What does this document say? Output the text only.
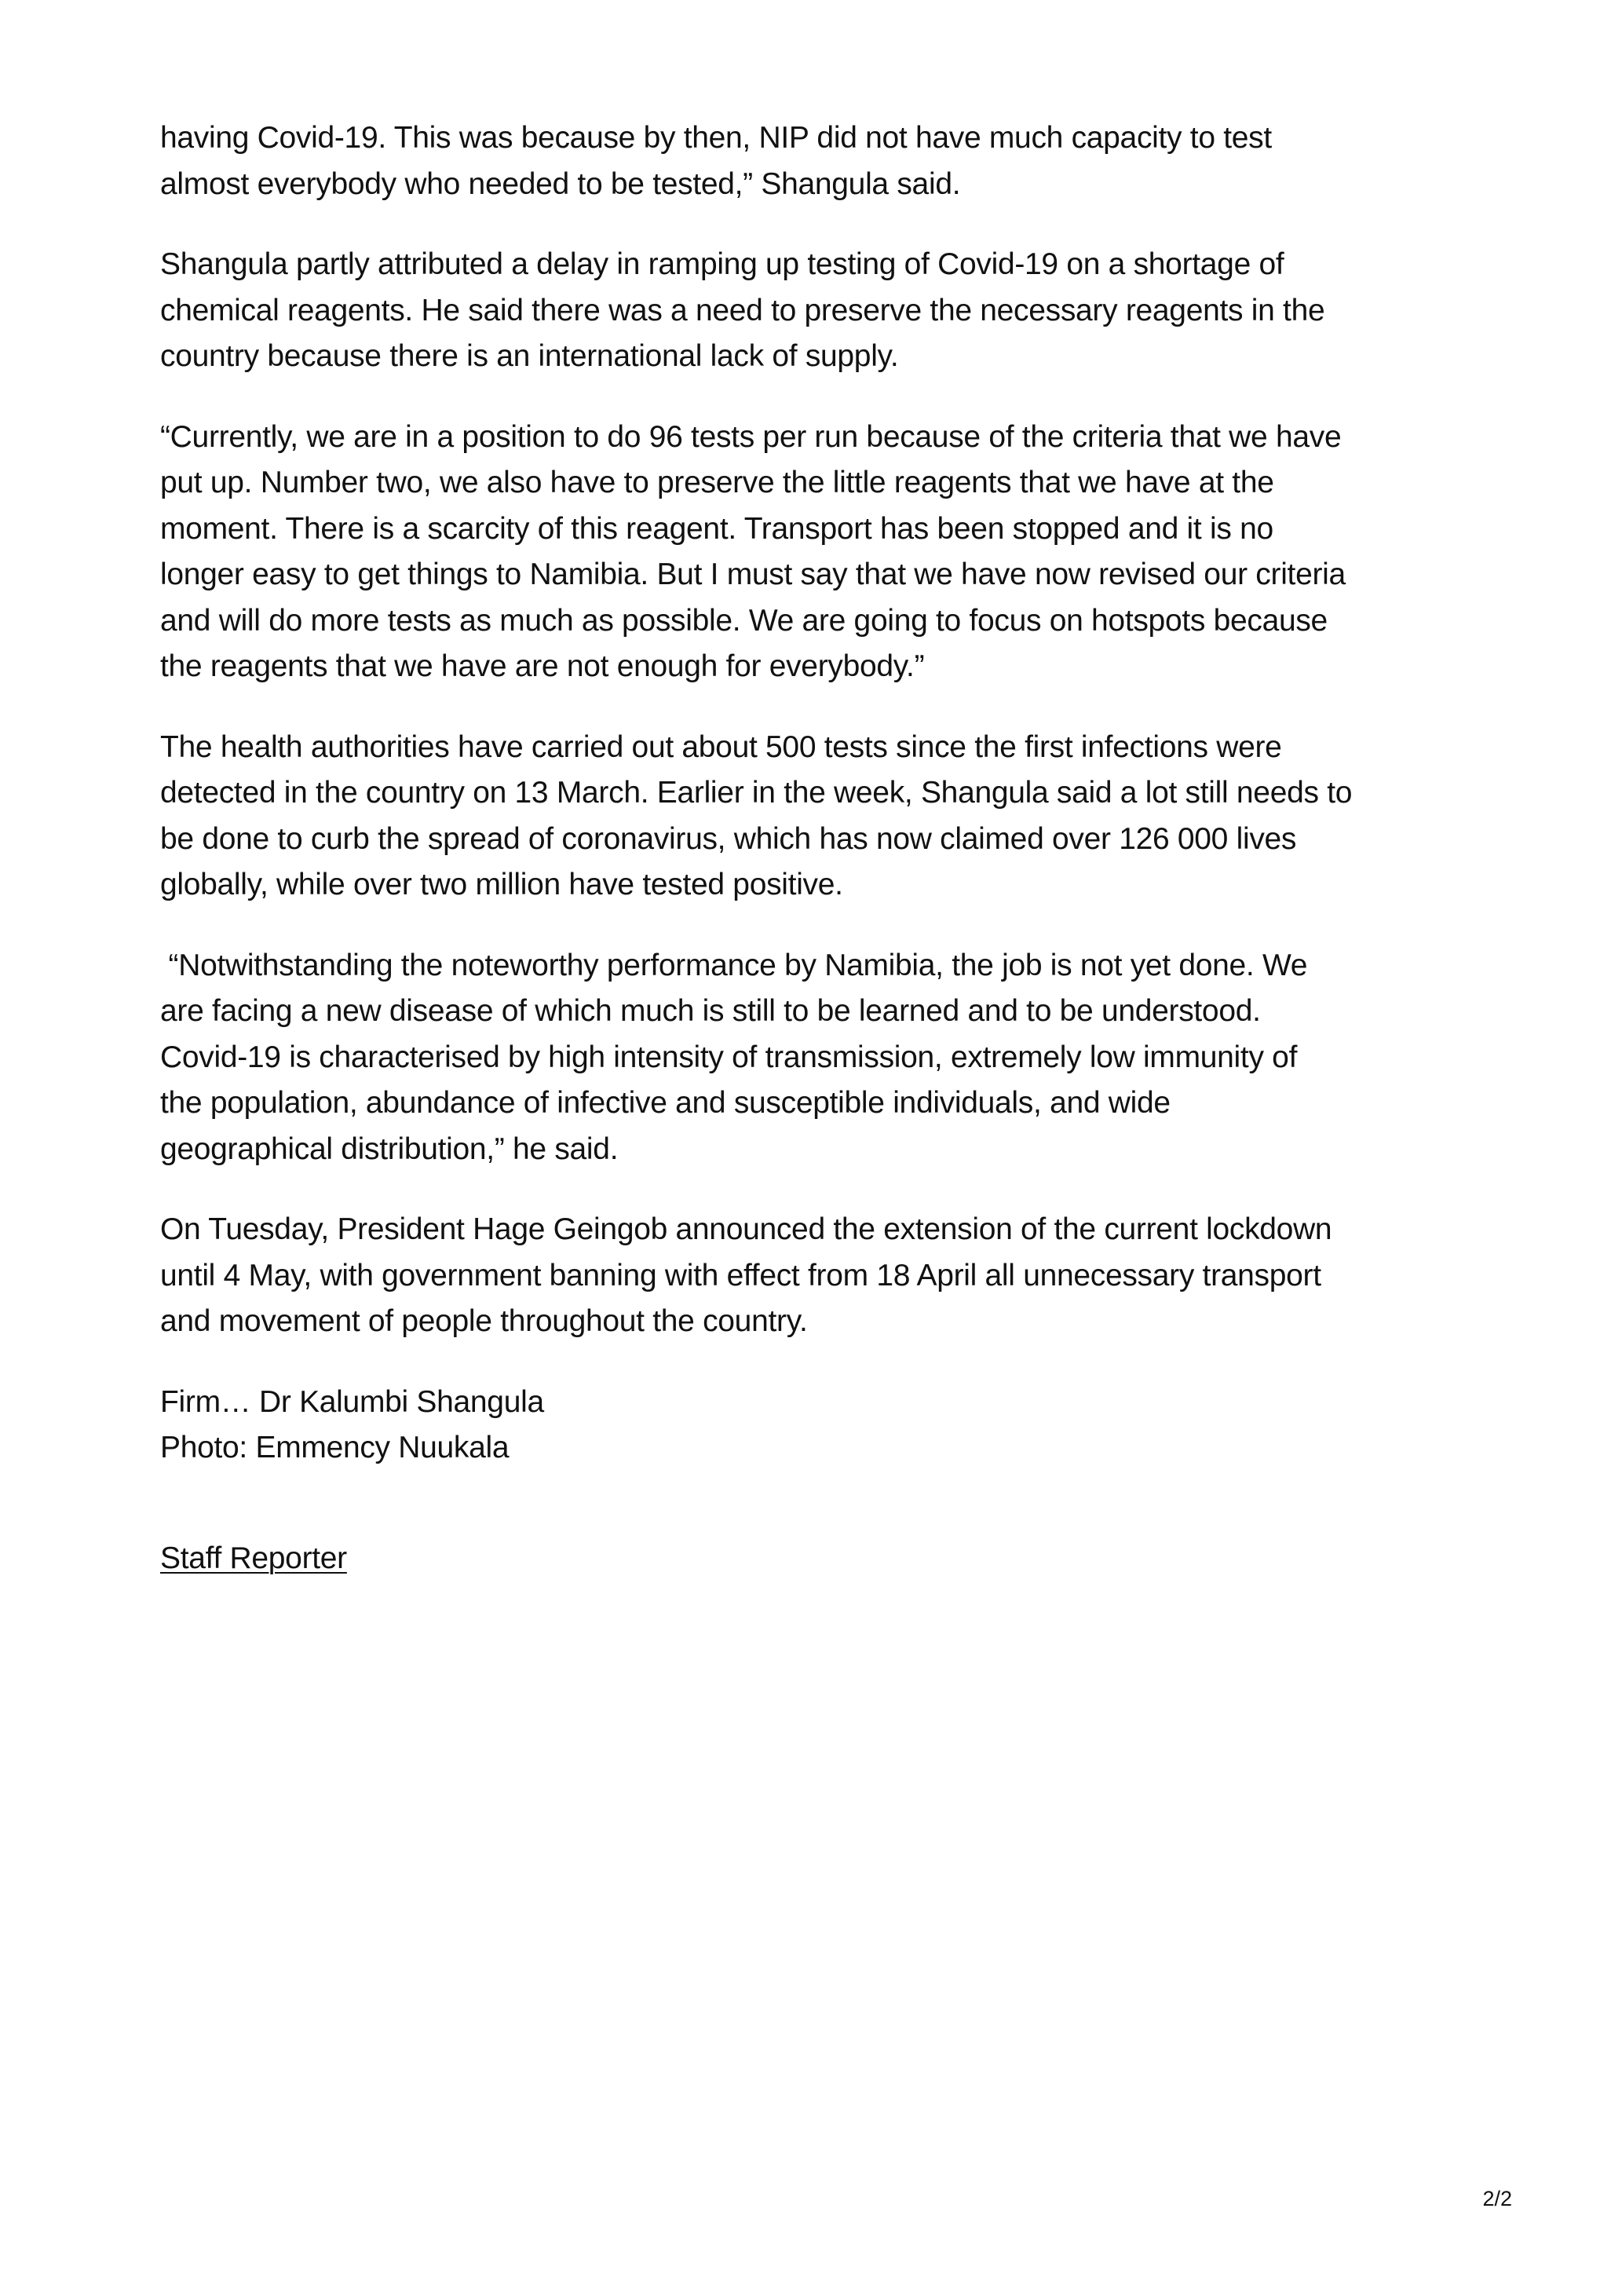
having Covid-19. This was because by then, NIP did not have much capacity to test
almost everybody who needed to be tested,” Shangula said.

Shangula partly attributed a delay in ramping up testing of Covid-19 on a shortage of
chemical reagents. He said there was a need to preserve the necessary reagents in the
country because there is an international lack of supply.

“Currently, we are in a position to do 96 tests per run because of the criteria that we have
put up. Number two, we also have to preserve the little reagents that we have at the
moment. There is a scarcity of this reagent. Transport has been stopped and it is no
longer easy to get things to Namibia. But I must say that we have now revised our criteria
and will do more tests as much as possible. We are going to focus on hotspots because
the reagents that we have are not enough for everybody.”

The health authorities have carried out about 500 tests since the first infections were
detected in the country on 13 March. Earlier in the week, Shangula said a lot still needs to
be done to curb the spread of coronavirus, which has now claimed over 126 000 lives
globally, while over two million have tested positive.

“Notwithstanding the noteworthy performance by Namibia, the job is not yet done. We
are facing a new disease of which much is still to be learned and to be understood.
Covid-19 is characterised by high intensity of transmission, extremely low immunity of
the population, abundance of infective and susceptible individuals, and wide
geographical distribution,” he said.

On Tuesday, President Hage Geingob announced the extension of the current lockdown
until 4 May, with government banning with effect from 18 April all unnecessary transport
and movement of people throughout the country.

Firm… Dr Kalumbi Shangula
Photo: Emmency Nuukala

Staff Reporter
2/2
